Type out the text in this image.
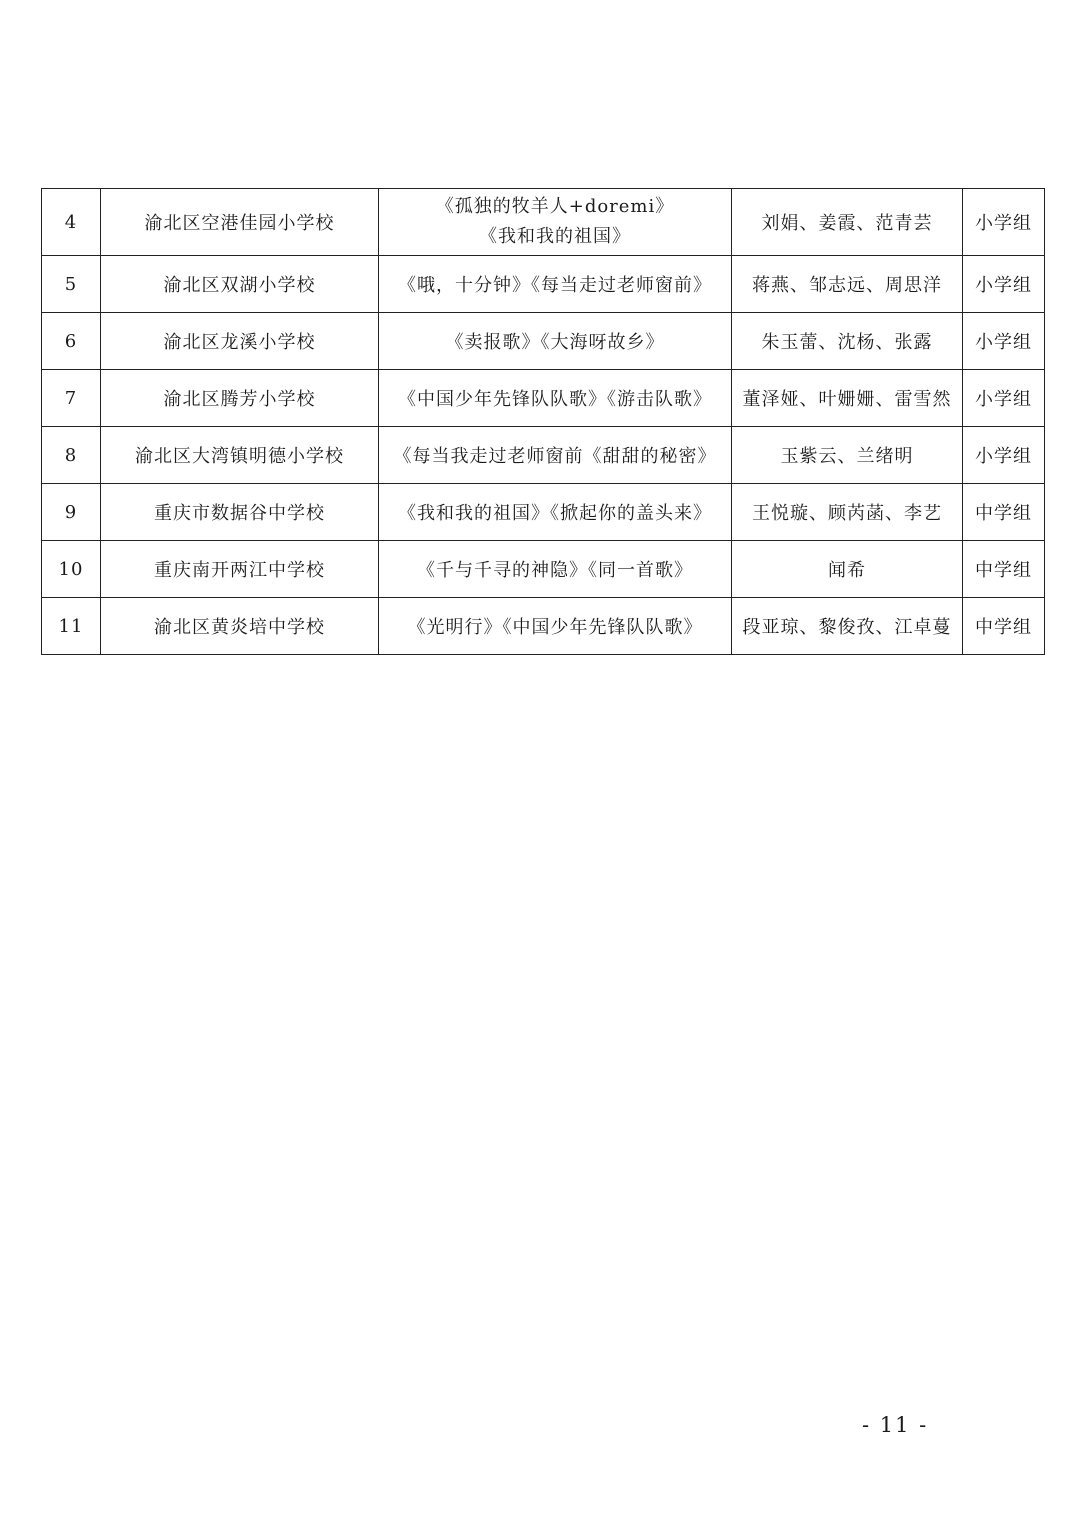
4	渝北区空港佳园小学校	《孤独的牧羊人+doremi》
《我和我的祖国》	刘娟、姜霞、范青芸	小学组
5	渝北区双湖小学校	《哦，十分钟》《每当走过老师窗前》	蒋燕、邹志远、周思洋	小学组
6	渝北区龙溪小学校	《卖报歌》《大海呀故乡》	朱玉蕾、沈杨、张露	小学组
7	渝北区腾芳小学校	《中国少年先锋队队歌》《游击队歌》	董泽娅、叶姗姗、雷雪然	小学组
8	渝北区大湾镇明德小学校	《每当我走过老师窗前《甜甜的秘密》	玉紫云、兰绪明	小学组
9	重庆市数据谷中学校	《我和我的祖国》《掀起你的盖头来》	王悦璇、顾芮菡、李艺	中学组
10	重庆南开两江中学校	《千与千寻的神隐》《同一首歌》	闻希	中学组
11	渝北区黄炎培中学校	《光明行》《中国少年先锋队队歌》	段亚琼、黎俊孜、江卓蔓	中学组
- 11 -
